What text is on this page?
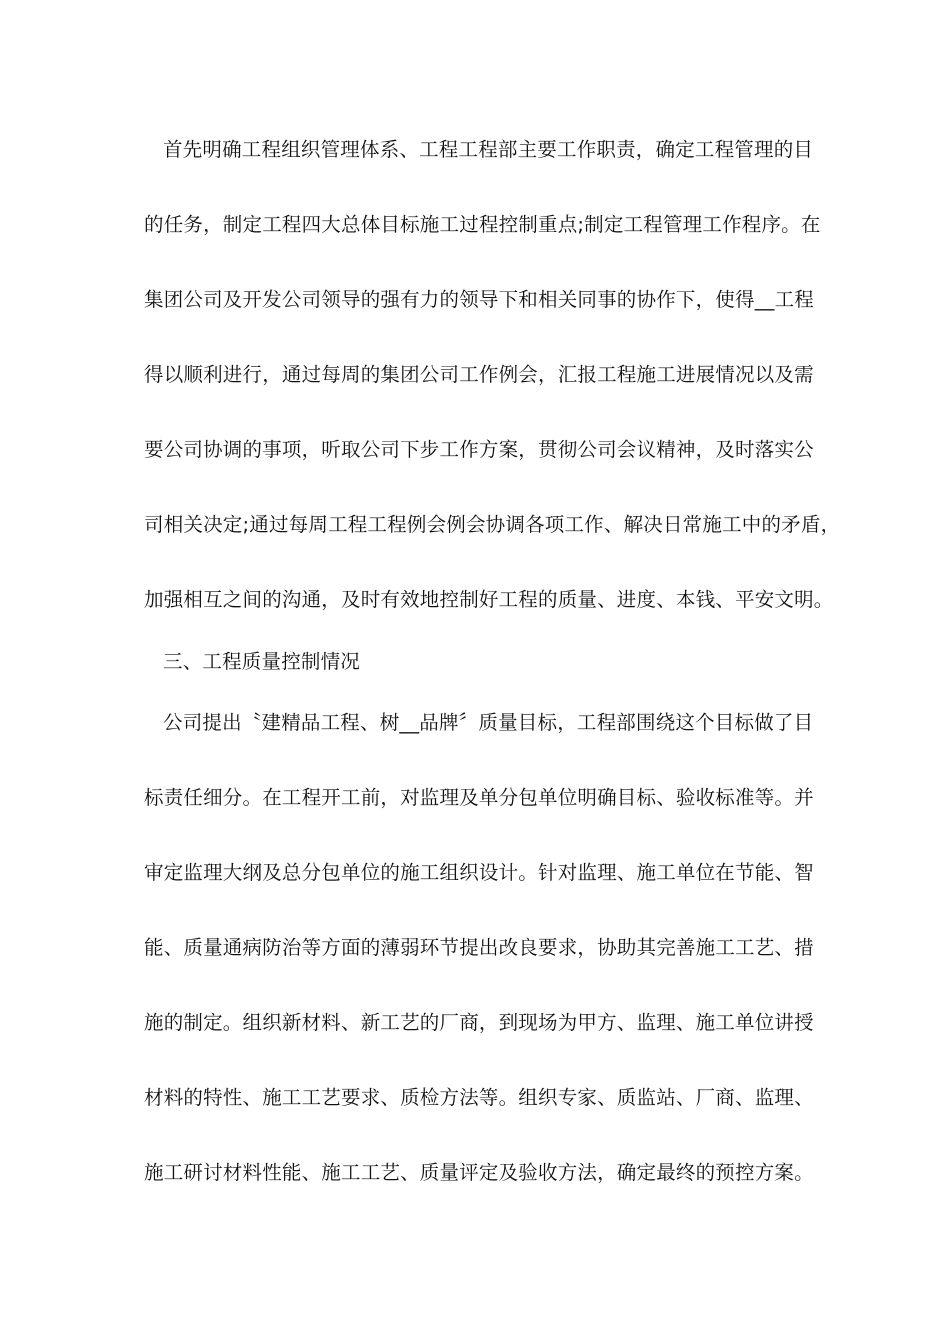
首先明确工程组织管理体系、工程工程部主要工作职责，确定工程管理的目
的任务，制定工程四大总体目标施工过程控制重点;制定工程管理工作程序。在
集团公司及开发公司领导的强有力的领导下和相关同事的协作下，使得__工程
得以顺利进行，通过每周的集团公司工作例会，汇报工程施工进展情况以及需
要公司协调的事项，听取公司下步工作方案，贯彻公司会议精神，及时落实公
司相关决定;通过每周工程工程例会例会协调各项工作、解决日常施工中的矛盾，
加强相互之间的沟通，及时有效地控制好工程的质量、进度、本钱、平安文明。
三、工程质量控制情况
公司提出〝建精品工程、树__品牌〞质量目标，工程部围绕这个目标做了目
标责任细分。在工程开工前，对监理及单分包单位明确目标、验收标准等。并
审定监理大纲及总分包单位的施工组织设计。针对监理、施工单位在节能、智
能、质量通病防治等方面的薄弱环节提出改良要求，协助其完善施工工艺、措
施的制定。组织新材料、新工艺的厂商，到现场为甲方、监理、施工单位讲授
材料的特性、施工工艺要求、质检方法等。组织专家、质监站、厂商、监理、
施工研讨材料性能、施工工艺、质量评定及验收方法，确定最终的预控方案。
